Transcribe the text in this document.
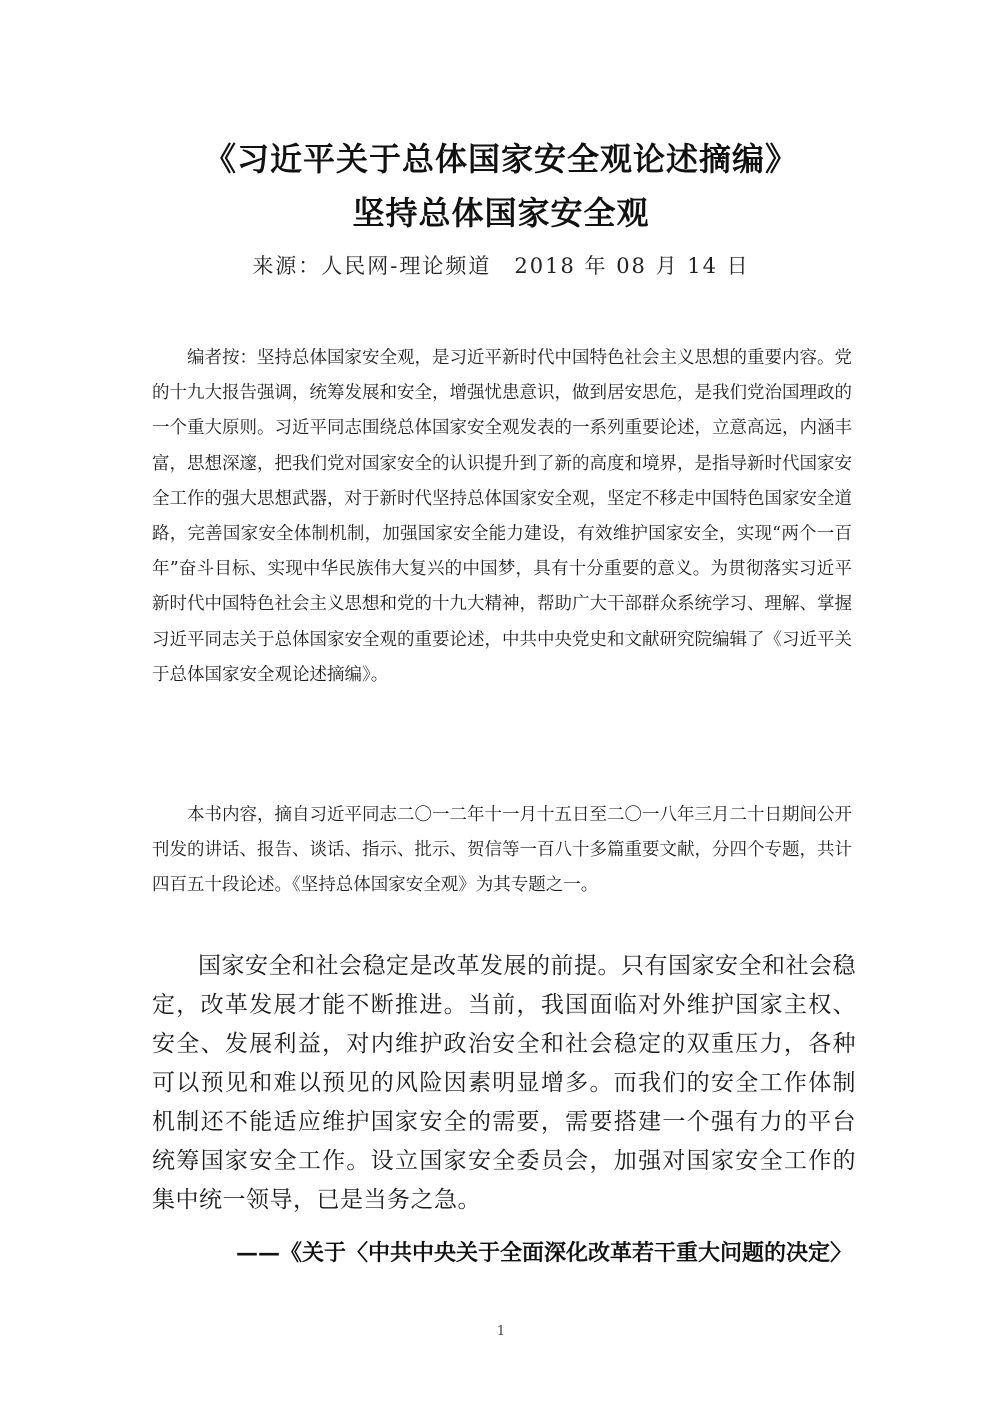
《习近平关于总体国家安全观论述摘编》
坚持总体国家安全观
来源：人民网-理论频道　2018 年 08 月 14 日

编者按：坚持总体国家安全观，是习近平新时代中国特色社会主义思想的重要内容。党的十九大报告强调，统筹发展和安全，增强忧患意识，做到居安思危，是我们党治国理政的一个重大原则。习近平同志围绕总体国家安全观发表的一系列重要论述，立意高远，内涵丰富，思想深邃，把我们党对国家安全的认识提升到了新的高度和境界，是指导新时代国家安全工作的强大思想武器，对于新时代坚持总体国家安全观，坚定不移走中国特色国家安全道路，完善国家安全体制机制，加强国家安全能力建设，有效维护国家安全，实现“两个一百年”奋斗目标、实现中华民族伟大复兴的中国梦，具有十分重要的意义。为贯彻落实习近平新时代中国特色社会主义思想和党的十九大精神，帮助广大干部群众系统学习、理解、掌握习近平同志关于总体国家安全观的重要论述，中共中央党史和文献研究院编辑了《习近平关于总体国家安全观论述摘编》。

本书内容，摘自习近平同志二〇一二年十一月十五日至二〇一八年三月二十日期间公开刊发的讲话、报告、谈话、指示、批示、贺信等一百八十多篇重要文献，分四个专题，共计四百五十段论述。《坚持总体国家安全观》为其专题之一。

国家安全和社会稳定是改革发展的前提。只有国家安全和社会稳定，改革发展才能不断推进。当前，我国面临对外维护国家主权、安全、发展利益，对内维护政治安全和社会稳定的双重压力，各种可以预见和难以预见的风险因素明显增多。而我们的安全工作体制机制还不能适应维护国家安全的需要，需要搭建一个强有力的平台统筹国家安全工作。设立国家安全委员会，加强对国家安全工作的集中统一领导，已是当务之急。

——《关于〈中共中央关于全面深化改革若干重大问题的决定〉
1
